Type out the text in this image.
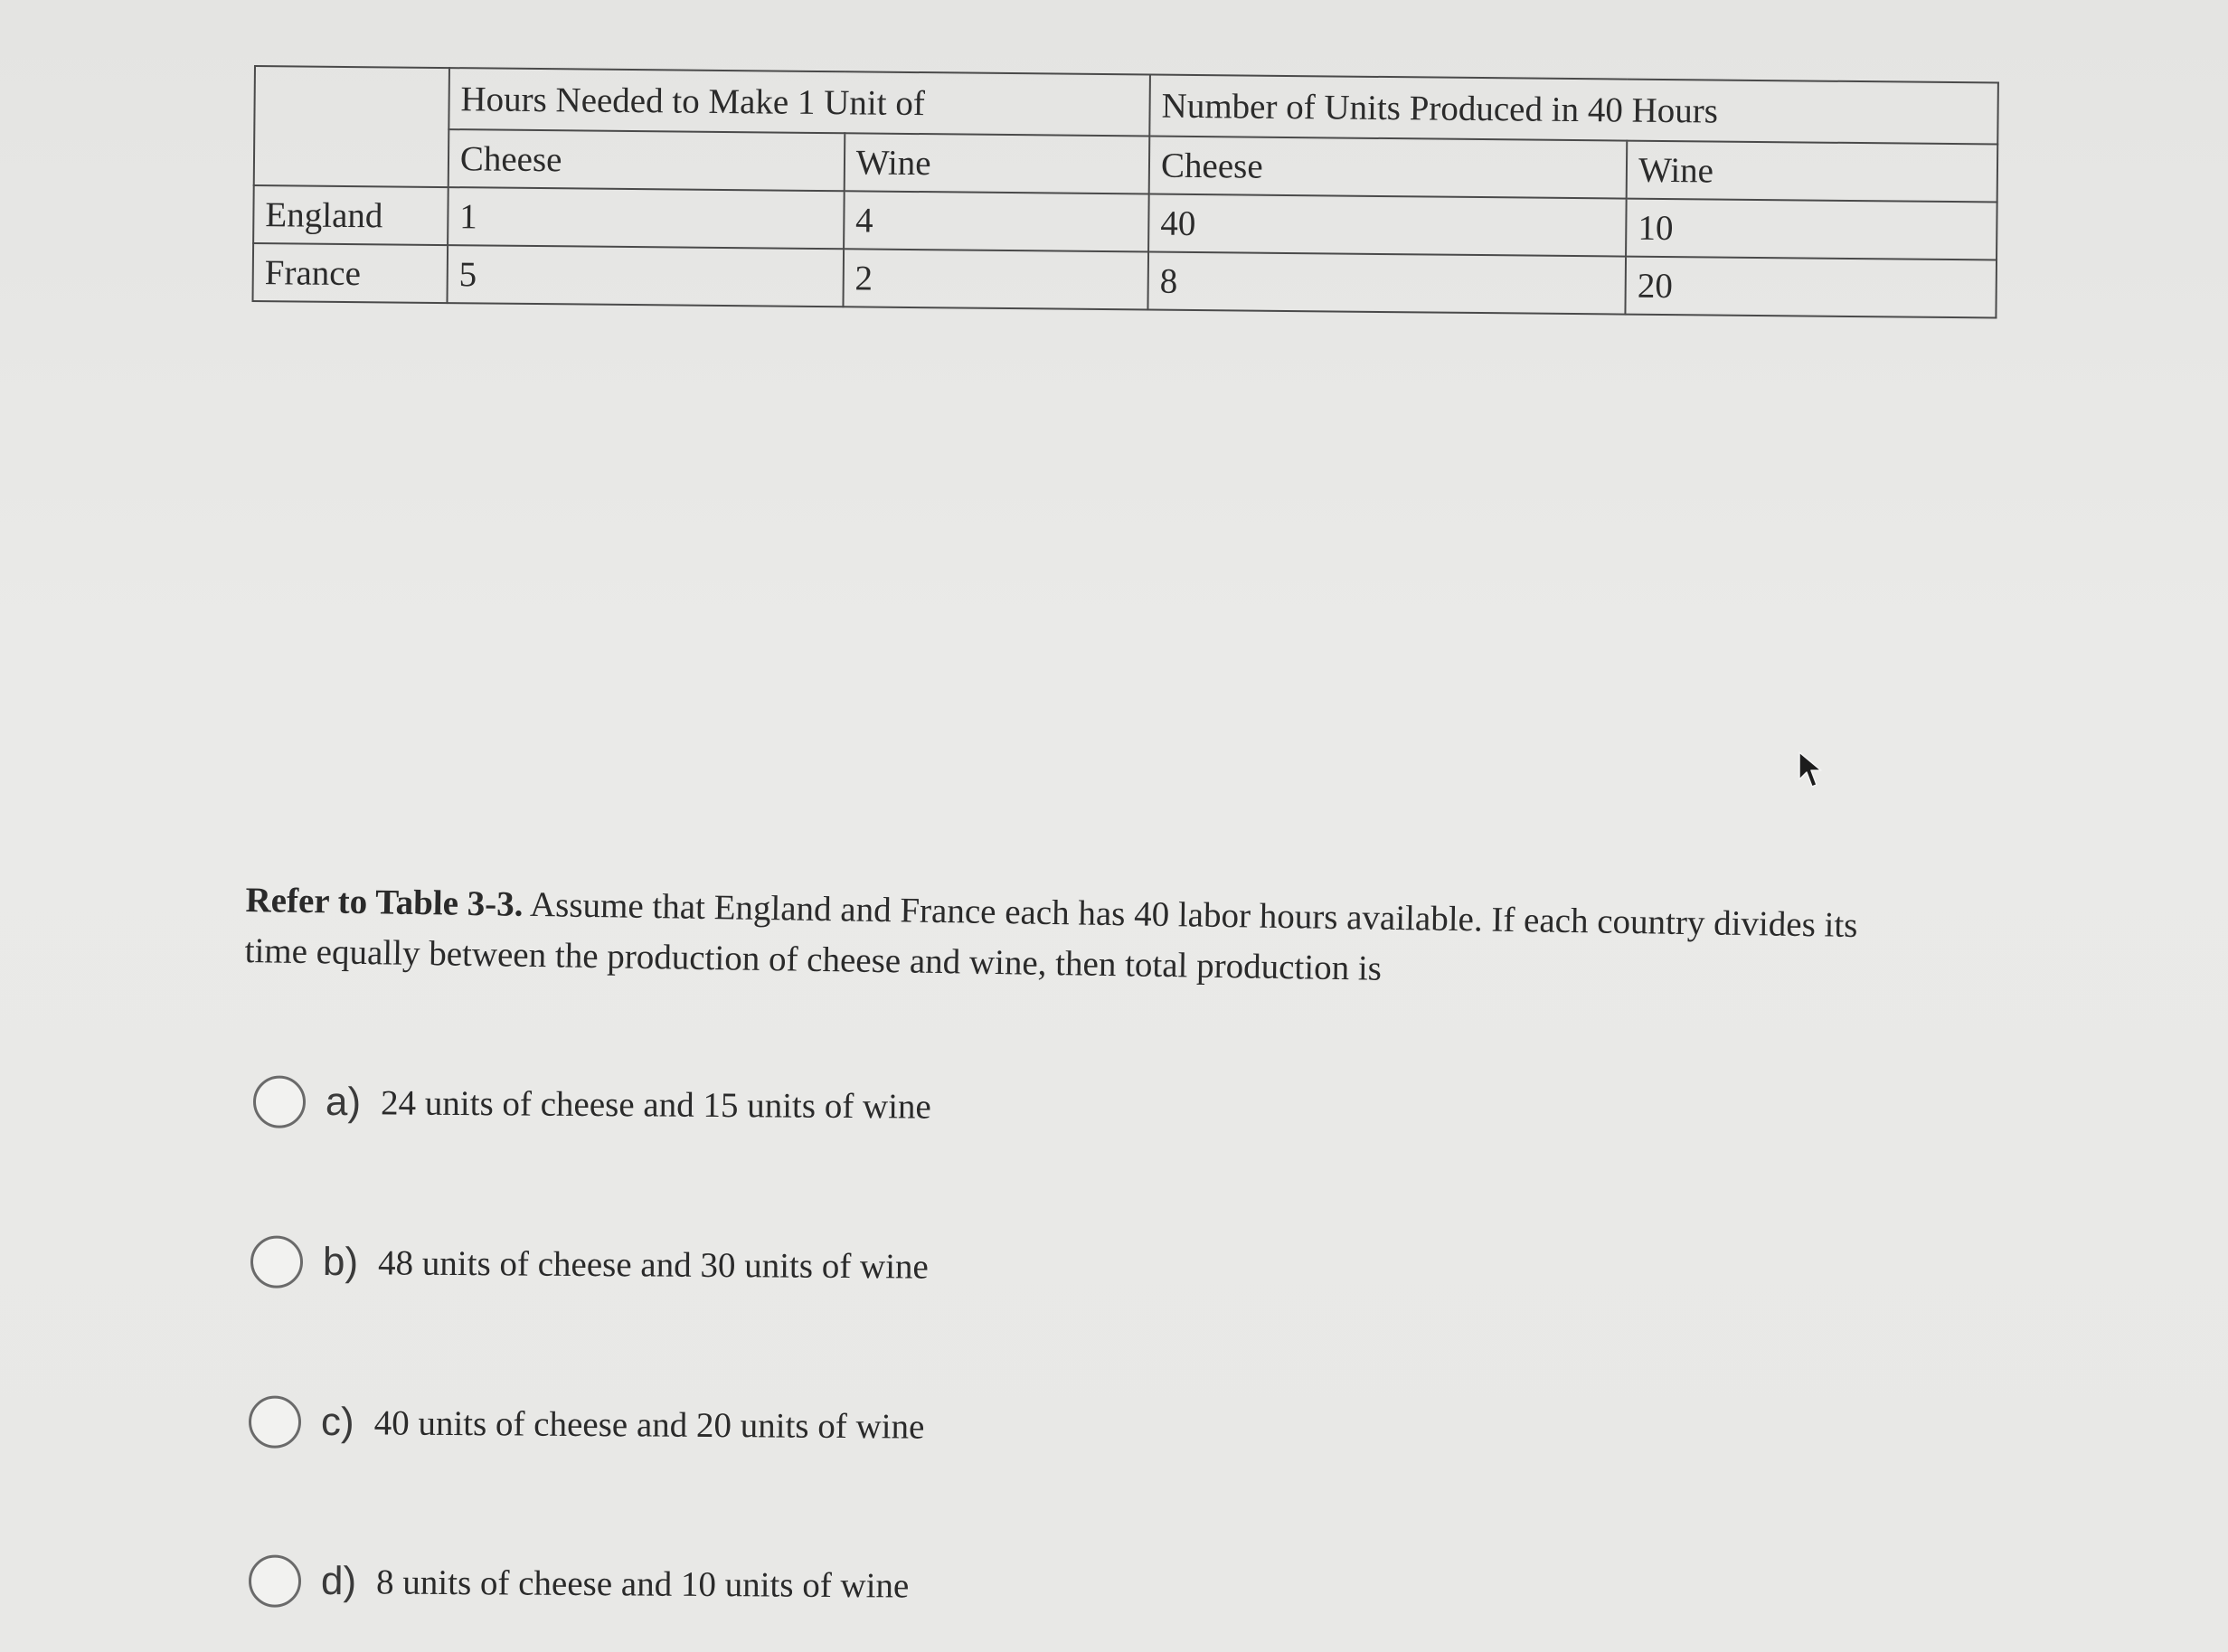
	Hours Needed to Make 1 Unit of		Number of Units Produced in 40 Hours	
	Cheese	Wine	Cheese	Wine
England	1	4	40	10
France	5	2	8	20
Refer to Table 3-3. Assume that England and France each has 40 labor hours available. If each country divides its time equally between the production of cheese and wine, then total production is
a) 24 units of cheese and 15 units of wine
b) 48 units of cheese and 30 units of wine
c) 40 units of cheese and 20 units of wine
d) 8 units of cheese and 10 units of wine
